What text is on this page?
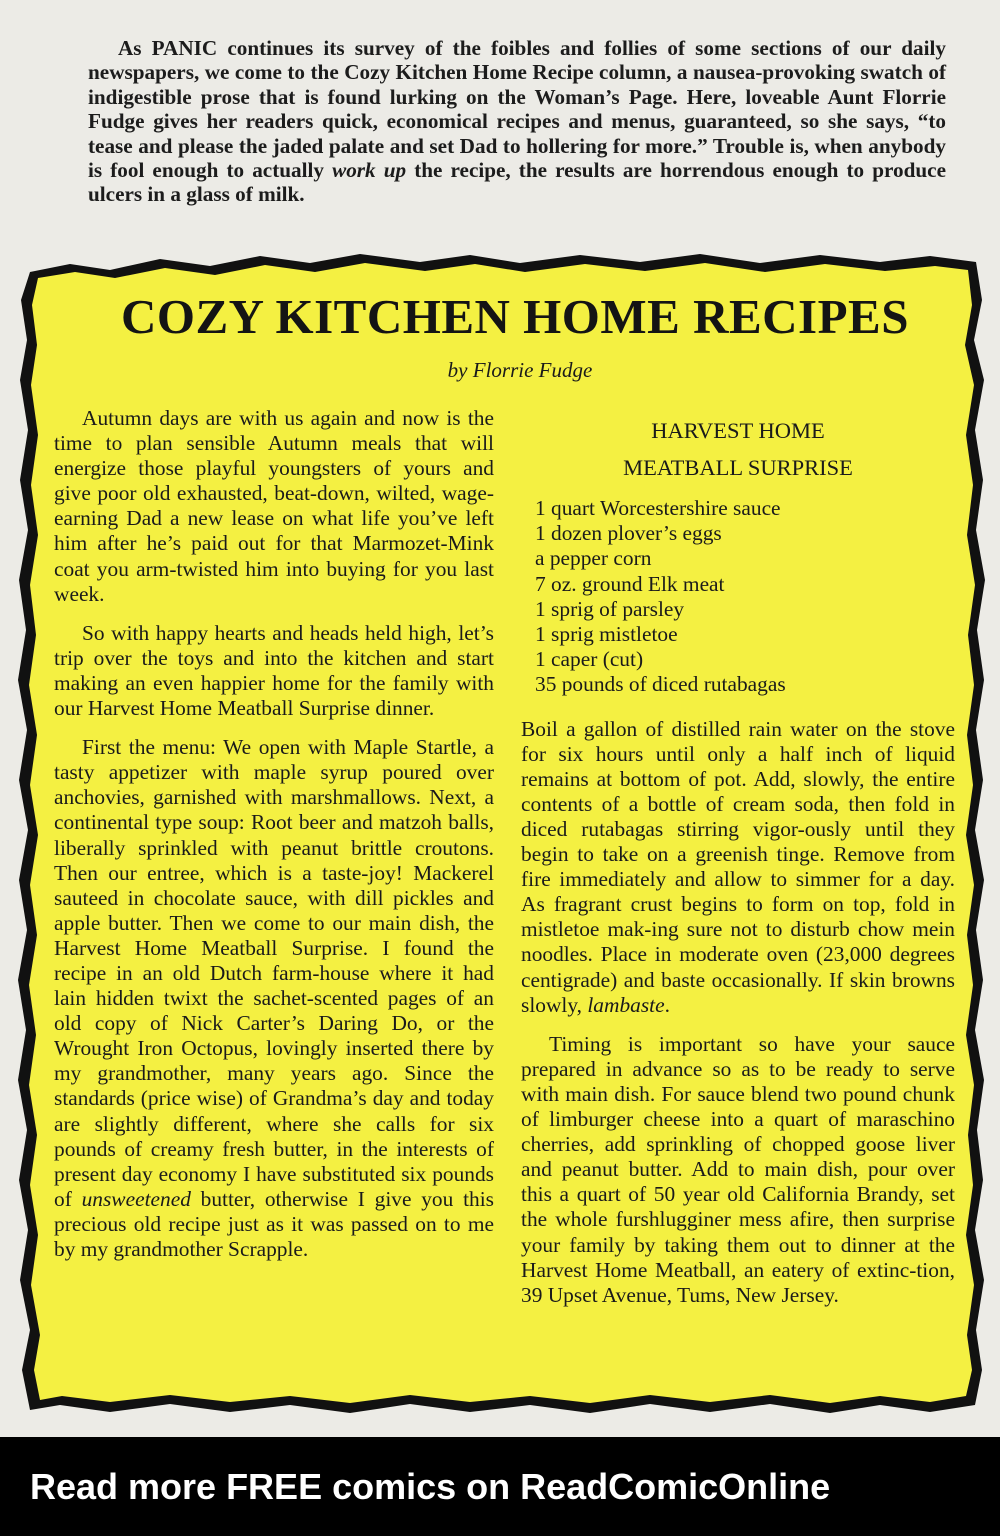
As PANIC continues its survey of the foibles and follies of some sections of our daily newspapers, we come to the Cozy Kitchen Home Recipe column, a nausea-provoking swatch of indigestible prose that is found lurking on the Woman’s Page. Here, loveable Aunt Florrie Fudge gives her readers quick, economical recipes and menus, guaranteed, so she says, “to tease and please the jaded palate and set Dad to hollering for more.” Trouble is, when anybody is fool enough to actually work up the recipe, the results are horrendous enough to produce ulcers in a glass of milk.
COZY KITCHEN HOME RECIPES
by Florrie Fudge

Autumn days are with us again and now is the time to plan sensible Autumn meals that will energize those playful youngsters of yours and give poor old exhausted, beat-down, wilted, wage-earning Dad a new lease on what life you’ve left him after he’s paid out for that Marmozet-Mink coat you arm-twisted him into buying for you last week.

So with happy hearts and heads held high, let’s trip over the toys and into the kitchen and start making an even happier home for the family with our Harvest Home Meatball Surprise dinner.

First the menu: We open with Maple Startle, a tasty appetizer with maple syrup poured over anchovies, garnished with marshmallows. Next, a continental type soup: Root beer and matzoh balls, liberally sprinkled with peanut brittle croutons. Then our entree, which is a taste-joy! Mackerel sauteed in chocolate sauce, with dill pickles and apple butter. Then we come to our main dish, the Harvest Home Meatball Surprise. I found the recipe in an old Dutch farm-house where it had lain hidden twixt the sachet-scented pages of an old copy of Nick Carter’s Daring Do, or the Wrought Iron Octopus, lovingly inserted there by my grandmother, many years ago. Since the standards (price wise) of Grandma’s day and today are slightly different, where she calls for six pounds of creamy fresh butter, in the interests of present day economy I have substituted six pounds of unsweetened butter, otherwise I give you this precious old recipe just as it was passed on to me by my grandmother Scrapple.

HARVEST HOME
MEATBALL SURPRISE
1 quart Worcestershire sauce
1 dozen plover’s eggs
a pepper corn
7 oz. ground Elk meat
1 sprig of parsley
1 sprig mistletoe
1 caper (cut)
35 pounds of diced rutabagas

Boil a gallon of distilled rain water on the stove for six hours until only a half inch of liquid remains at bottom of pot. Add, slowly, the entire contents of a bottle of cream soda, then fold in diced rutabagas stirring vigor-ously until they begin to take on a greenish tinge. Remove from fire immediately and allow to simmer for a day. As fragrant crust begins to form on top, fold in mistletoe mak-ing sure not to disturb chow mein noodles. Place in moderate oven (23,000 degrees centigrade) and baste occasionally. If skin browns slowly, lambaste.

Timing is important so have your sauce prepared in advance so as to be ready to serve with main dish. For sauce blend two pound chunk of limburger cheese into a quart of maraschino cherries, add sprinkling of chopped goose liver and peanut butter. Add to main dish, pour over this a quart of 50 year old California Brandy, set the whole furshlugginer mess afire, then surprise your family by taking them out to dinner at the Harvest Home Meatball, an eatery of extinc-tion, 39 Upset Avenue, Tums, New Jersey.

Read more FREE comics on ReadComicOnline
